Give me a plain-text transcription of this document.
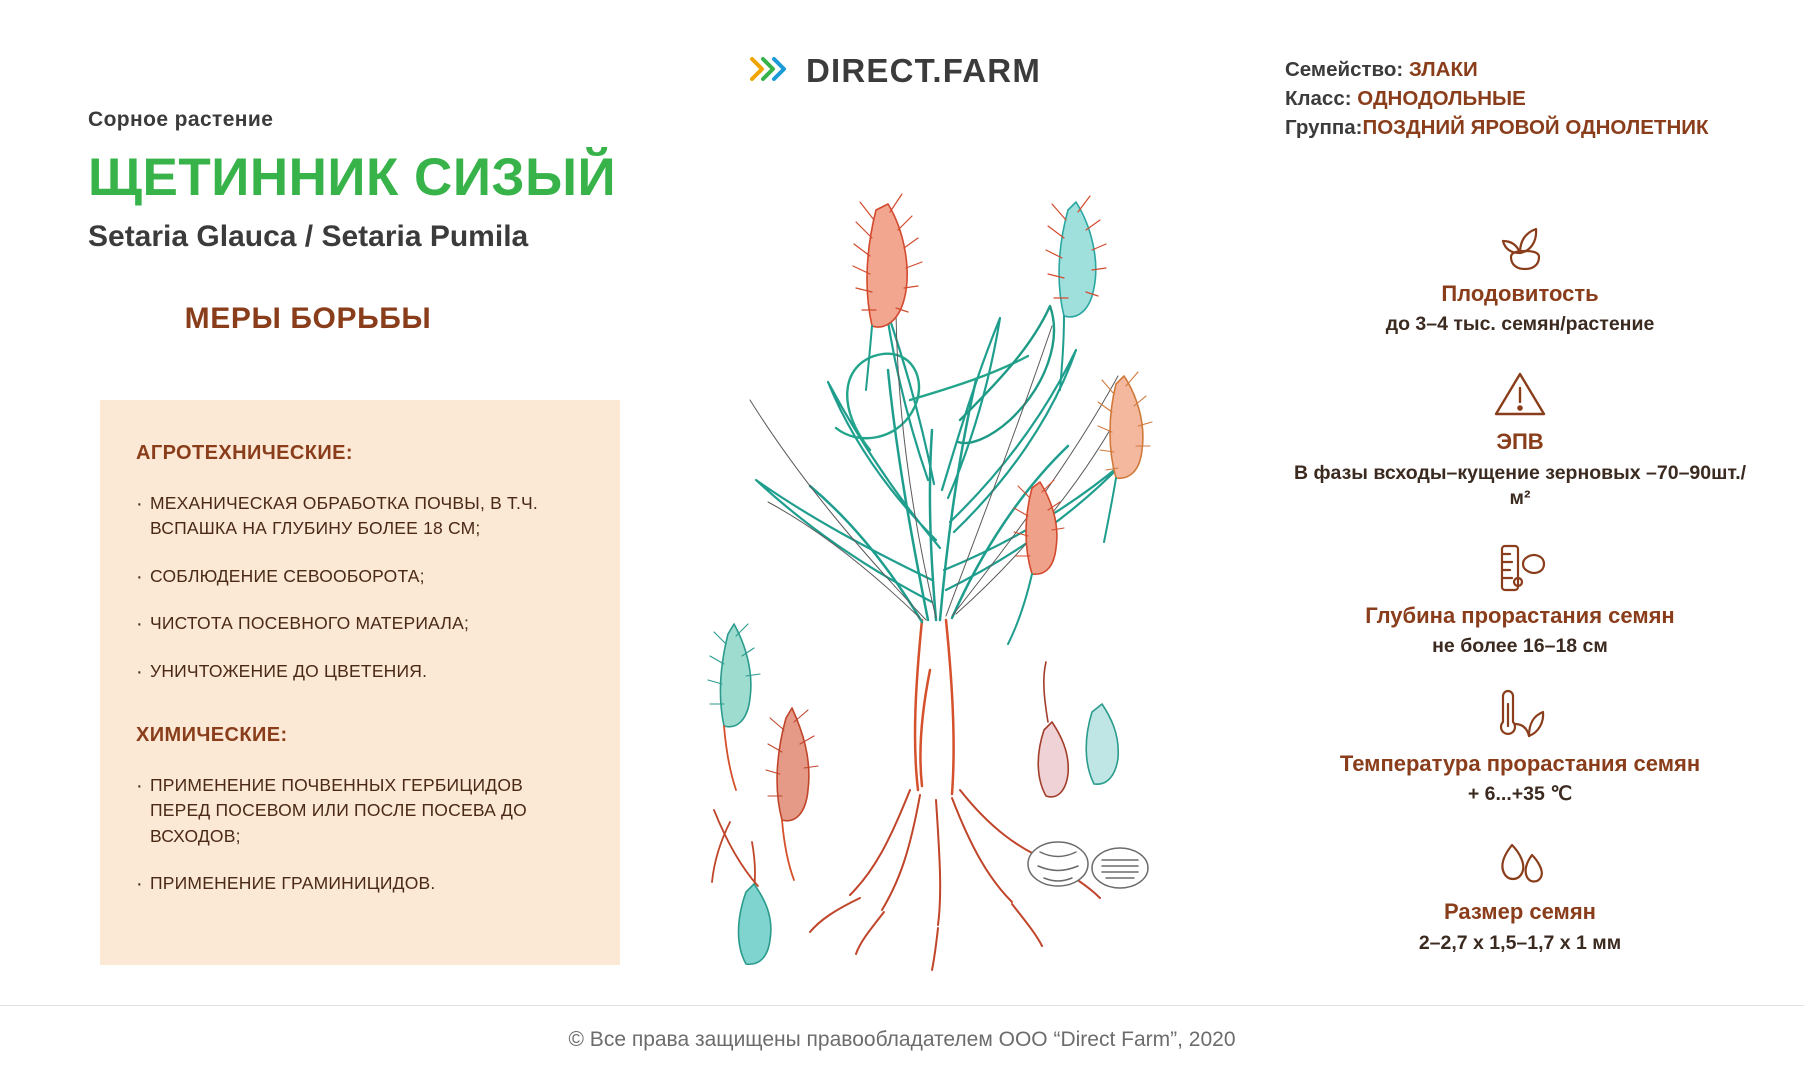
DIRECT.FARM
Сорное растение
ЩЕТИННИК СИЗЫЙ
Setaria Glauca / Setaria Pumila
МЕРЫ БОРЬБЫ
АГРОТЕХНИЧЕСКИЕ:
· МЕХАНИЧЕСКАЯ ОБРАБОТКА ПОЧВЫ, В Т.Ч. ВСПАШКА НА ГЛУБИНУ БОЛЕЕ 18 СМ;
· СОБЛЮДЕНИЕ СЕВООБОРОТА;
· ЧИСТОТА ПОСЕВНОГО МАТЕРИАЛА;
· УНИЧТОЖЕНИЕ ДО ЦВЕТЕНИЯ.
ХИМИЧЕСКИЕ:
· ПРИМЕНЕНИЕ ПОЧВЕННЫХ ГЕРБИЦИДОВ ПЕРЕД ПОСЕВОМ ИЛИ ПОСЛЕ ПОСЕВА ДО ВСХОДОВ;
· ПРИМЕНЕНИЕ ГРАМИНИЦИДОВ.
Семейство: ЗЛАКИ
Класс: ОДНОДОЛЬНЫЕ
Группа:ПОЗДНИЙ ЯРОВОЙ ОДНОЛЕТНИК
Плодовитость
до 3–4 тыс. семян/растение
ЭПВ
В фазы всходы–кущение зерновых –70–90шт./м²
Глубина прорастания семян
не более 16–18 см
Температура прорастания семян
+ 6...+35 ℃
Размер семян
2–2,7 х 1,5–1,7 х 1 мм
© Все права защищены правообладателем ООО “Direct Farm”, 2020
